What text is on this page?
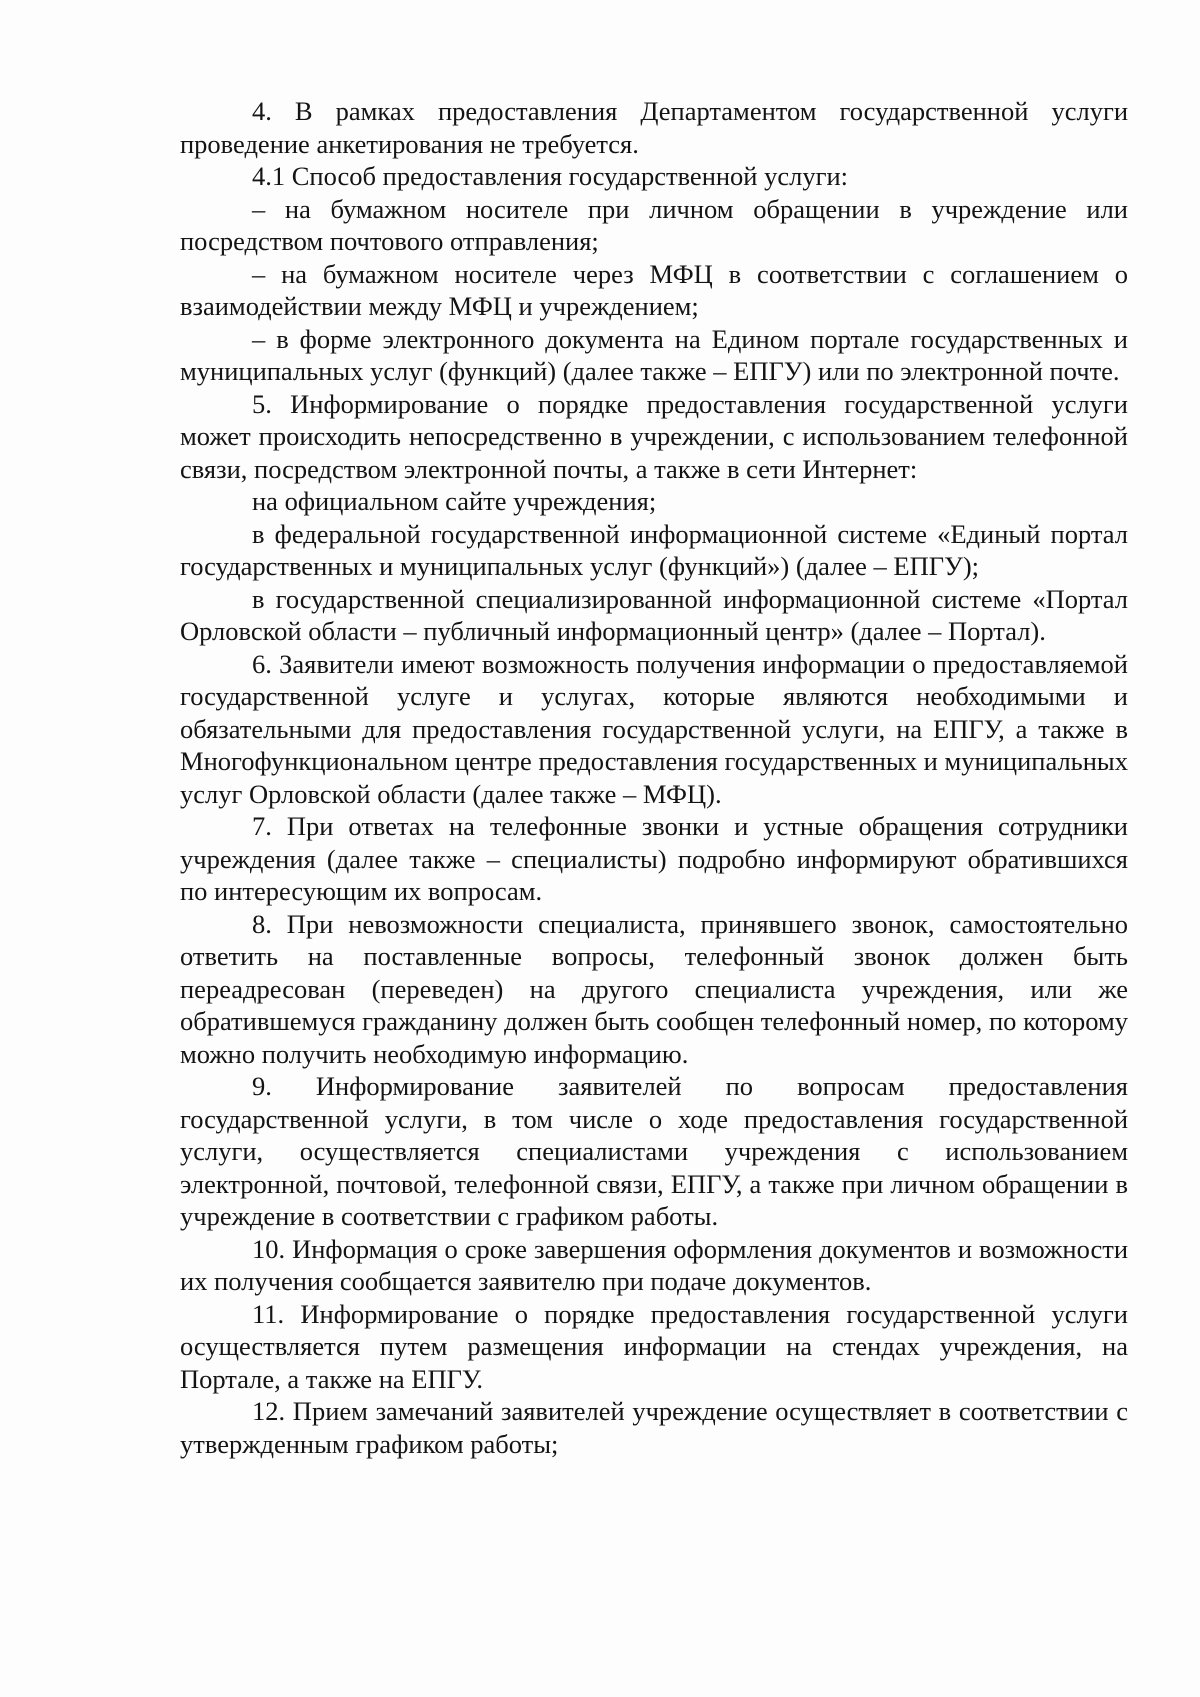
4. В рамках предоставления Департаментом государственной услуги проведение анкетирования не требуется.

4.1 Способ предоставления государственной услуги:

– на бумажном носителе при личном обращении в учреждение или посредством почтового отправления;

– на бумажном носителе через МФЦ в соответствии с соглашением о взаимодействии между МФЦ и учреждением;

– в форме электронного документа на Едином портале государственных и муниципальных услуг (функций) (далее также – ЕПГУ) или по электронной почте.

5. Информирование о порядке предоставления государственной услуги может происходить непосредственно в учреждении, с использованием телефонной связи, посредством электронной почты, а также в сети Интернет:

на официальном сайте учреждения;

в федеральной государственной информационной системе «Единый портал государственных и муниципальных услуг (функций») (далее – ЕПГУ);

в государственной специализированной информационной системе «Портал Орловской области – публичный информационный центр» (далее – Портал).

6. Заявители имеют возможность получения информации о предоставляемой государственной услуге и услугах, которые являются необходимыми и обязательными для предоставления государственной услуги, на ЕПГУ, а также в Многофункциональном центре предоставления государственных и муниципальных услуг Орловской области (далее также – МФЦ).

7. При ответах на телефонные звонки и устные обращения сотрудники учреждения (далее также – специалисты) подробно информируют обратившихся по интересующим их вопросам.

8. При невозможности специалиста, принявшего звонок, самостоятельно ответить на поставленные вопросы, телефонный звонок должен быть переадресован (переведен) на другого специалиста учреждения, или же обратившемуся гражданину должен быть сообщен телефонный номер, по которому можно получить необходимую информацию.

9. Информирование заявителей по вопросам предоставления государственной услуги, в том числе о ходе предоставления государственной услуги, осуществляется специалистами учреждения с использованием электронной, почтовой, телефонной связи, ЕПГУ, а также при личном обращении в учреждение в соответствии с графиком работы.

10. Информация о сроке завершения оформления документов и возможности их получения сообщается заявителю при подаче документов.

11. Информирование о порядке предоставления государственной услуги осуществляется путем размещения информации на стендах учреждения, на Портале, а также на ЕПГУ.

12. Прием замечаний заявителей учреждение осуществляет в соответствии с утвержденным графиком работы;
